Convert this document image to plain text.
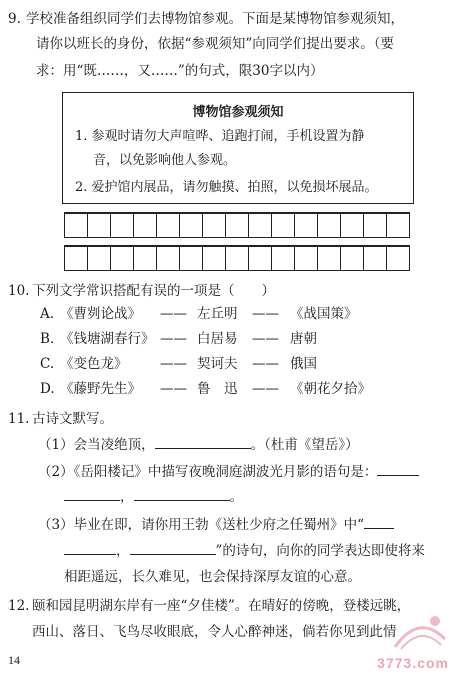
9. 学校准备组织同学们去博物馆参观。下面是某博物馆参观须知，
请你以班长的身份，依据“参观须知”向同学们提出要求。（要
求：用“既……，又……”的句式，限30字以内）
博物馆参观须知
1. 参观时请勿大声喧哗、追跑打闹，手机设置为静
音，以免影响他人参观。
2. 爱护馆内展品，请勿触摸、拍照，以免损坏展品。
10. 下列文学常识搭配有误的一项是（　　）
A. 《曹刿论战》 —— 左丘明 —— 《战国策》
B. 《钱塘湖春行》 —— 白居易 —— 唐朝
C. 《变色龙》 —— 契诃夫 —— 俄国
D. 《藤野先生》 —— 鲁　迅 —— 《朝花夕拾》
11. 古诗文默写。
（1）会当凌绝顶，	。（杜甫《望岳》）
（2）《岳阳楼记》中描写夜晚洞庭湖波光月影的语句是：
，	。
（3）毕业在即，请你用王勃《送杜少府之任蜀州》中“
，	”的诗句，向你的同学表达即使将来
相距遥远，长久难见，也会保持深厚友谊的心意。
12. 颐和园昆明湖东岸有一座“夕佳楼”。在晴好的傍晚，登楼远眺，
西山、落日、飞鸟尽收眼底，令人心醉神迷，倘若你见到此情
14	3773.com
